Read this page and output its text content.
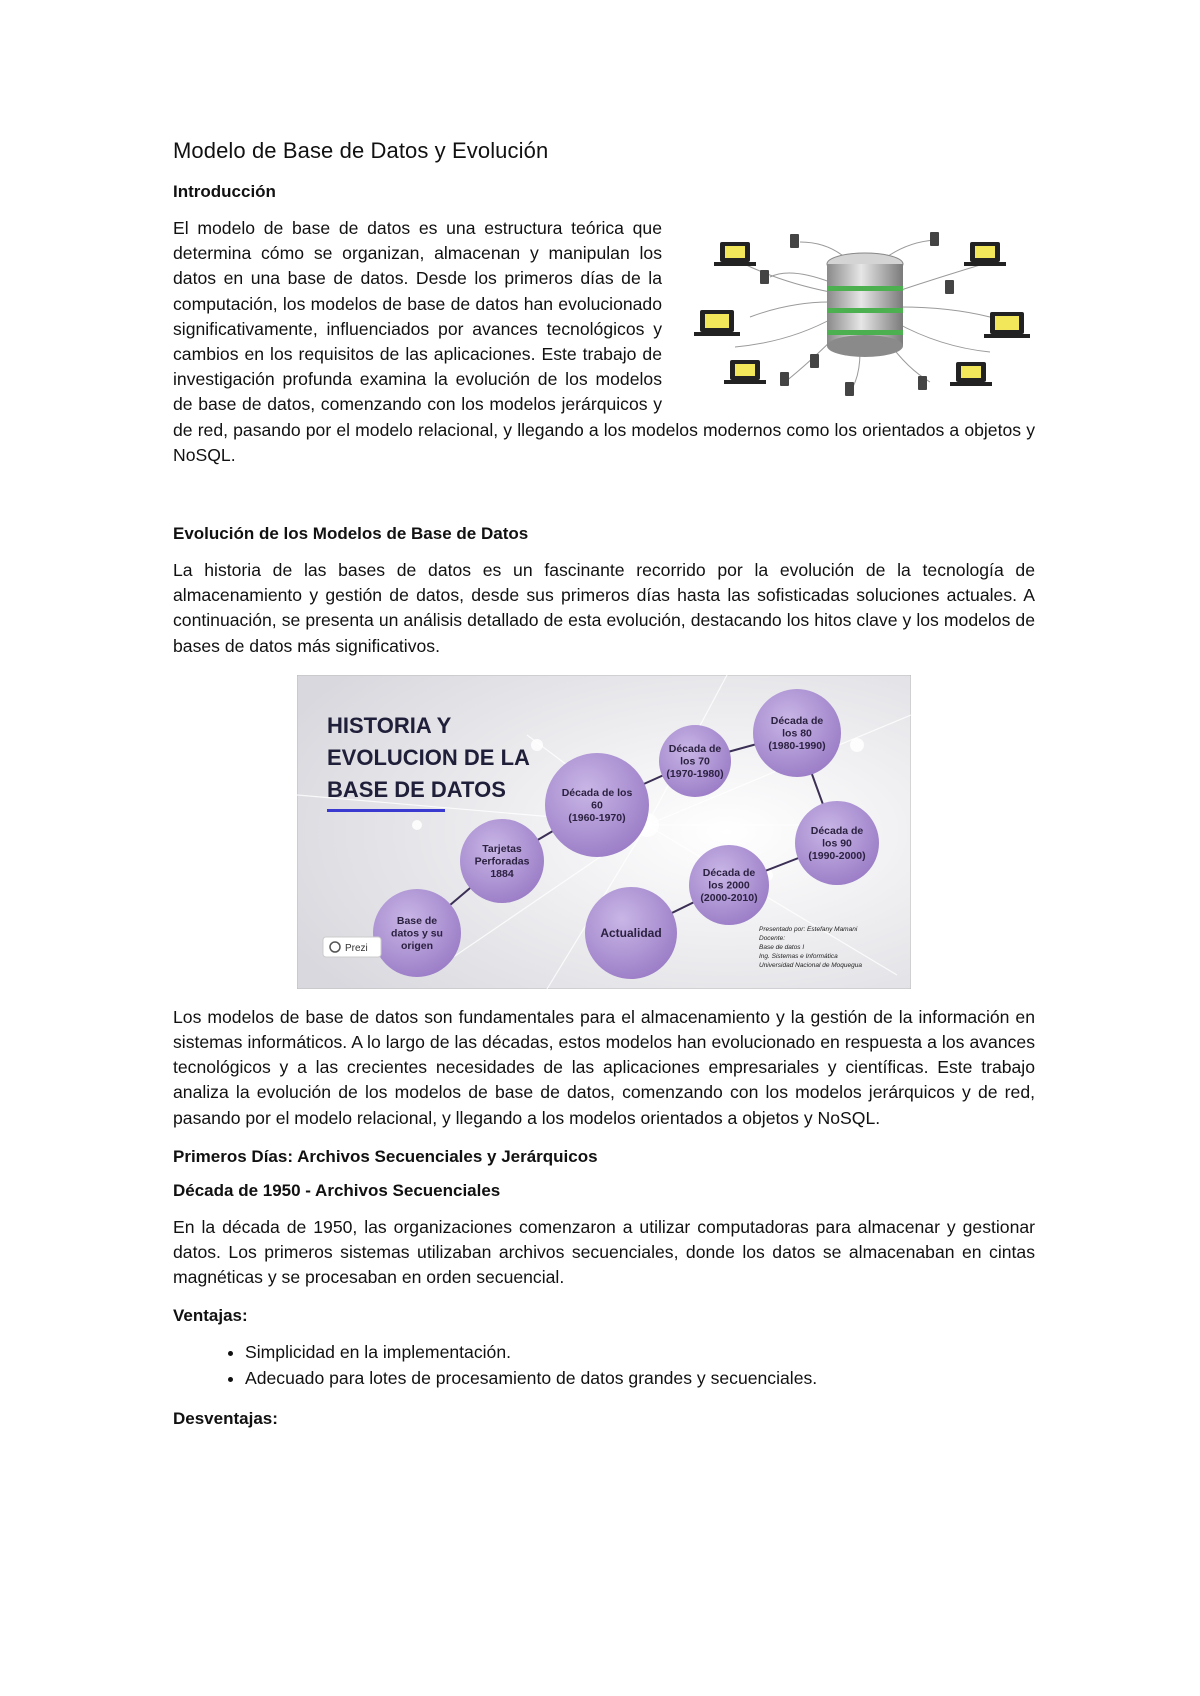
Modelo de Base de Datos y Evolución
Introducción

El modelo de base de datos es una estructura teórica que determina cómo se organizan, almacenan y manipulan los datos en una base de datos. Desde los primeros días de la computación, los modelos de base de datos han evolucionado significativamente, influenciados por avances tecnológicos y cambios en los requisitos de las aplicaciones. Este trabajo de investigación profunda examina la evolución de los modelos de base de datos, comenzando con los modelos jerárquicos y de red, pasando por el modelo relacional, y llegando a los modelos modernos como los orientados a objetos y NoSQL.

Evolución de los Modelos de Base de Datos

La historia de las bases de datos es un fascinante recorrido por la evolución de la tecnología de almacenamiento y gestión de datos, desde sus primeros días hasta las sofisticadas soluciones actuales. A continuación, se presenta un análisis detallado de esta evolución, destacando los hitos clave y los modelos de bases de datos más significativos.

HISTORIA Y
EVOLUCION DE LA
BASE DE DATOS
Base de
datos y su
origen
Tarjetas
Perforadas
1884
Década de los
60
(1960-1970)
Década de
los 70
(1970-1980)
Década de
los 80
(1980-1990)
Década de
los 90
(1990-2000)
Década de
los 2000
(2000-2010)
Actualidad	Presentado por: Estefany Mamani
Docente:
Base de datos I
Ing. Sistemas e Informática
Universidad Nacional de Moquegua
Prezi

Los modelos de base de datos son fundamentales para el almacenamiento y la gestión de la información en sistemas informáticos. A lo largo de las décadas, estos modelos han evolucionado en respuesta a los avances tecnológicos y a las crecientes necesidades de las aplicaciones empresariales y científicas. Este trabajo analiza la evolución de los modelos de base de datos, comenzando con los modelos jerárquicos y de red, pasando por el modelo relacional, y llegando a los modelos orientados a objetos y NoSQL.

Primeros Días: Archivos Secuenciales y Jerárquicos
Década de 1950 - Archivos Secuenciales

En la década de 1950, las organizaciones comenzaron a utilizar computadoras para almacenar y gestionar datos. Los primeros sistemas utilizaban archivos secuenciales, donde los datos se almacenaban en cintas magnéticas y se procesaban en orden secuencial.

Ventajas:
• Simplicidad en la implementación.
• Adecuado para lotes de procesamiento de datos grandes y secuenciales.
Desventajas:
